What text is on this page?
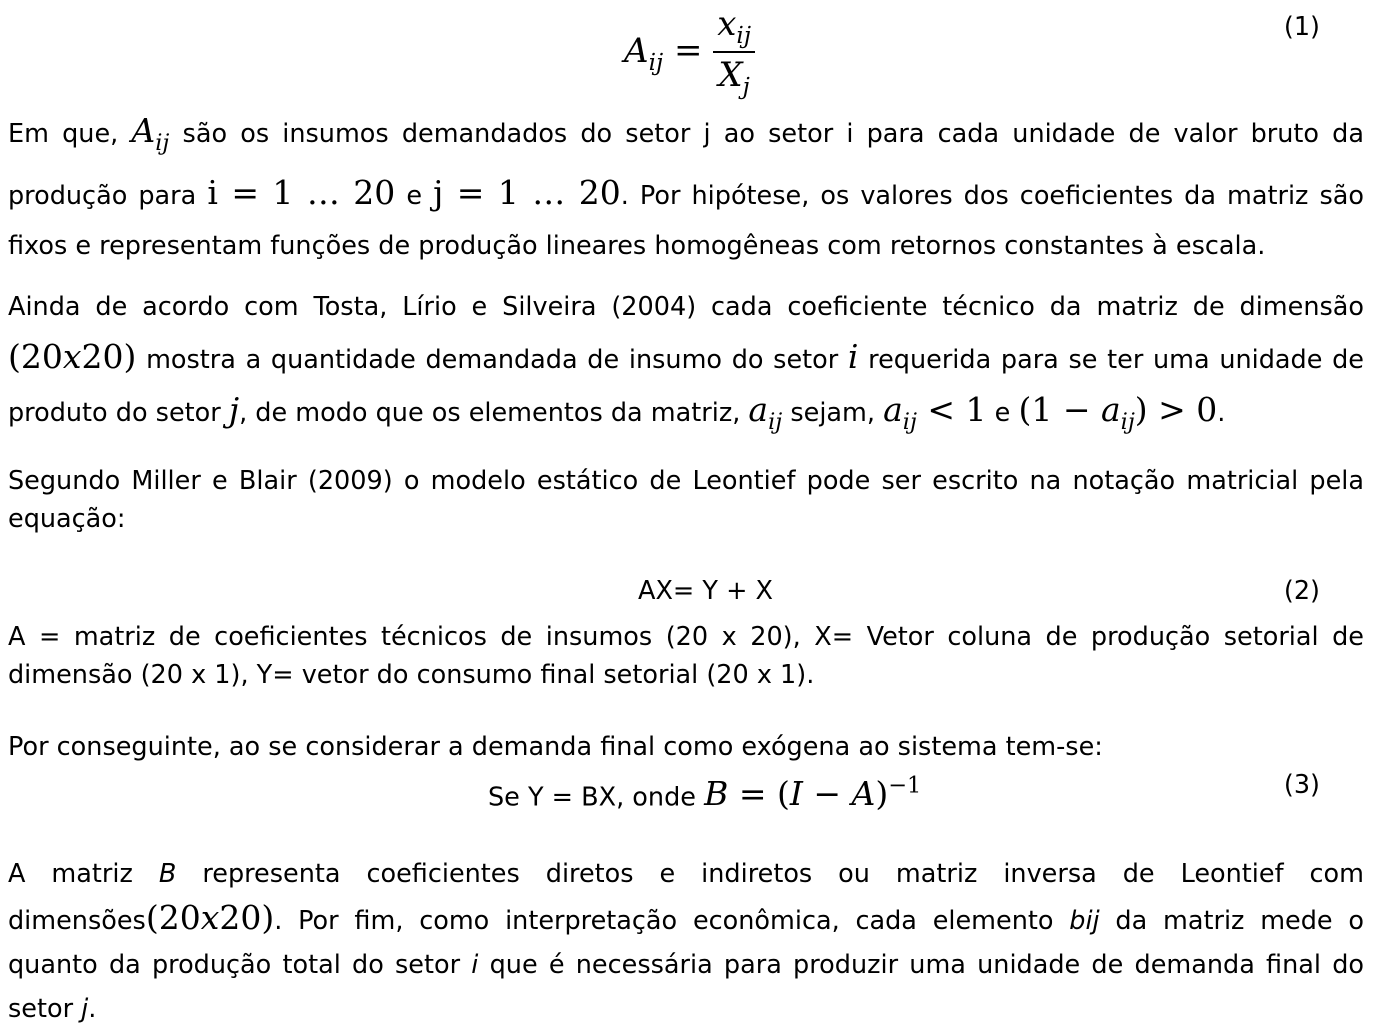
$A_{ij} = \frac{x_{ij}}{X_j}$	(1)

Em que, $A_{ij}$ são os insumos demandados do setor j ao setor i para cada unidade de valor bruto da produção para i = 1 … 20 e j = 1 … 20. Por hipótese, os valores dos coeficientes da matriz são fixos e representam funções de produção lineares homogêneas com retornos constantes à escala.

Ainda de acordo com Tosta, Lírio e Silveira (2004) cada coeficiente técnico da matriz de dimensão (20x20) mostra a quantidade demandada de insumo do setor i requerida para se ter uma unidade de produto do setor j, de modo que os elementos da matriz, $a_{ij}$ sejam, $a_{ij} < 1$ e $(1 - a_{ij}) > 0$.

Segundo Miller e Blair (2009) o modelo estático de Leontief pode ser escrito na notação matricial pela equação:

AX= Y + X	(2)

A = matriz de coeficientes técnicos de insumos (20 x 20), X= Vetor coluna de produção setorial de dimensão (20 x 1), Y= vetor do consumo final setorial (20 x 1).

Por conseguinte, ao se considerar a demanda final como exógena ao sistema tem-se:

Se Y = BX, onde $B = (I - A)^{-1}$	(3)

A matriz B representa coeficientes diretos e indiretos ou matriz inversa de Leontief com dimensões(20x20). Por fim, como interpretação econômica, cada elemento bij da matriz mede o quanto da produção total do setor i que é necessária para produzir uma unidade de demanda final do setor j.
